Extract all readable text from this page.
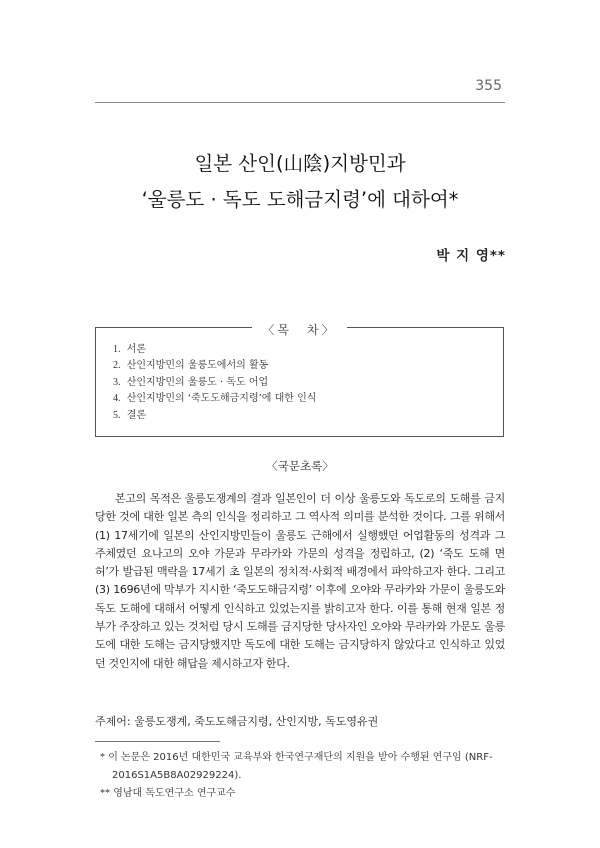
355
일본 산인(山陰)지방민과
‘울릉도 · 독도 도해금지령’에 대하여*
박 지 영**
〈목　차〉
1. 서론
2. 산인지방민의 울릉도에서의 활동
3. 산인지방민의 울릉도 · 독도 어업
4. 산인지방민의 ‘죽도도해금지령’에 대한 인식
5. 결론
〈국문초록〉

본고의 목적은 울릉도쟁계의 결과 일본인이 더 이상 울릉도와 독도로의 도해를 금지당한 것에 대한 일본 측의 인식을 정리하고 그 역사적 의미를 분석한 것이다. 그를 위해서 (1) 17세기에 일본의 산인지방민들이 울릉도 근해에서 실행했던 어업활동의 성격과 그 주체였던 요나고의 오야 가문과 무라카와 가문의 성격을 정립하고, (2) ‘죽도 도해 면허’가 발급된 맥락을 17세기 초 일본의 정치적·사회적 배경에서 파악하고자 한다. 그리고 (3) 1696년에 막부가 지시한 ‘죽도도해금지령’ 이후에 오야와 무라카와 가문이 울릉도와 독도 도해에 대해서 어떻게 인식하고 있었는지를 밝히고자 한다. 이를 통해 현재 일본 정부가 주장하고 있는 것처럼 당시 도해를 금지당한 당사자인 오야와 무라카와 가문도 울릉도에 대한 도해는 금지당했지만 독도에 대한 도해는 금지당하지 않았다고 인식하고 있었던 것인지에 대한 해답을 제시하고자 한다.

주제어: 울릉도쟁계, 죽도도해금지령, 산인지방, 독도영유권
* 이 논문은 2016년 대한민국 교육부와 한국연구재단의 지원을 받아 수행된 연구임 (NRF-2016S1A5B8A02929224).
** 영남대 독도연구소 연구교수
